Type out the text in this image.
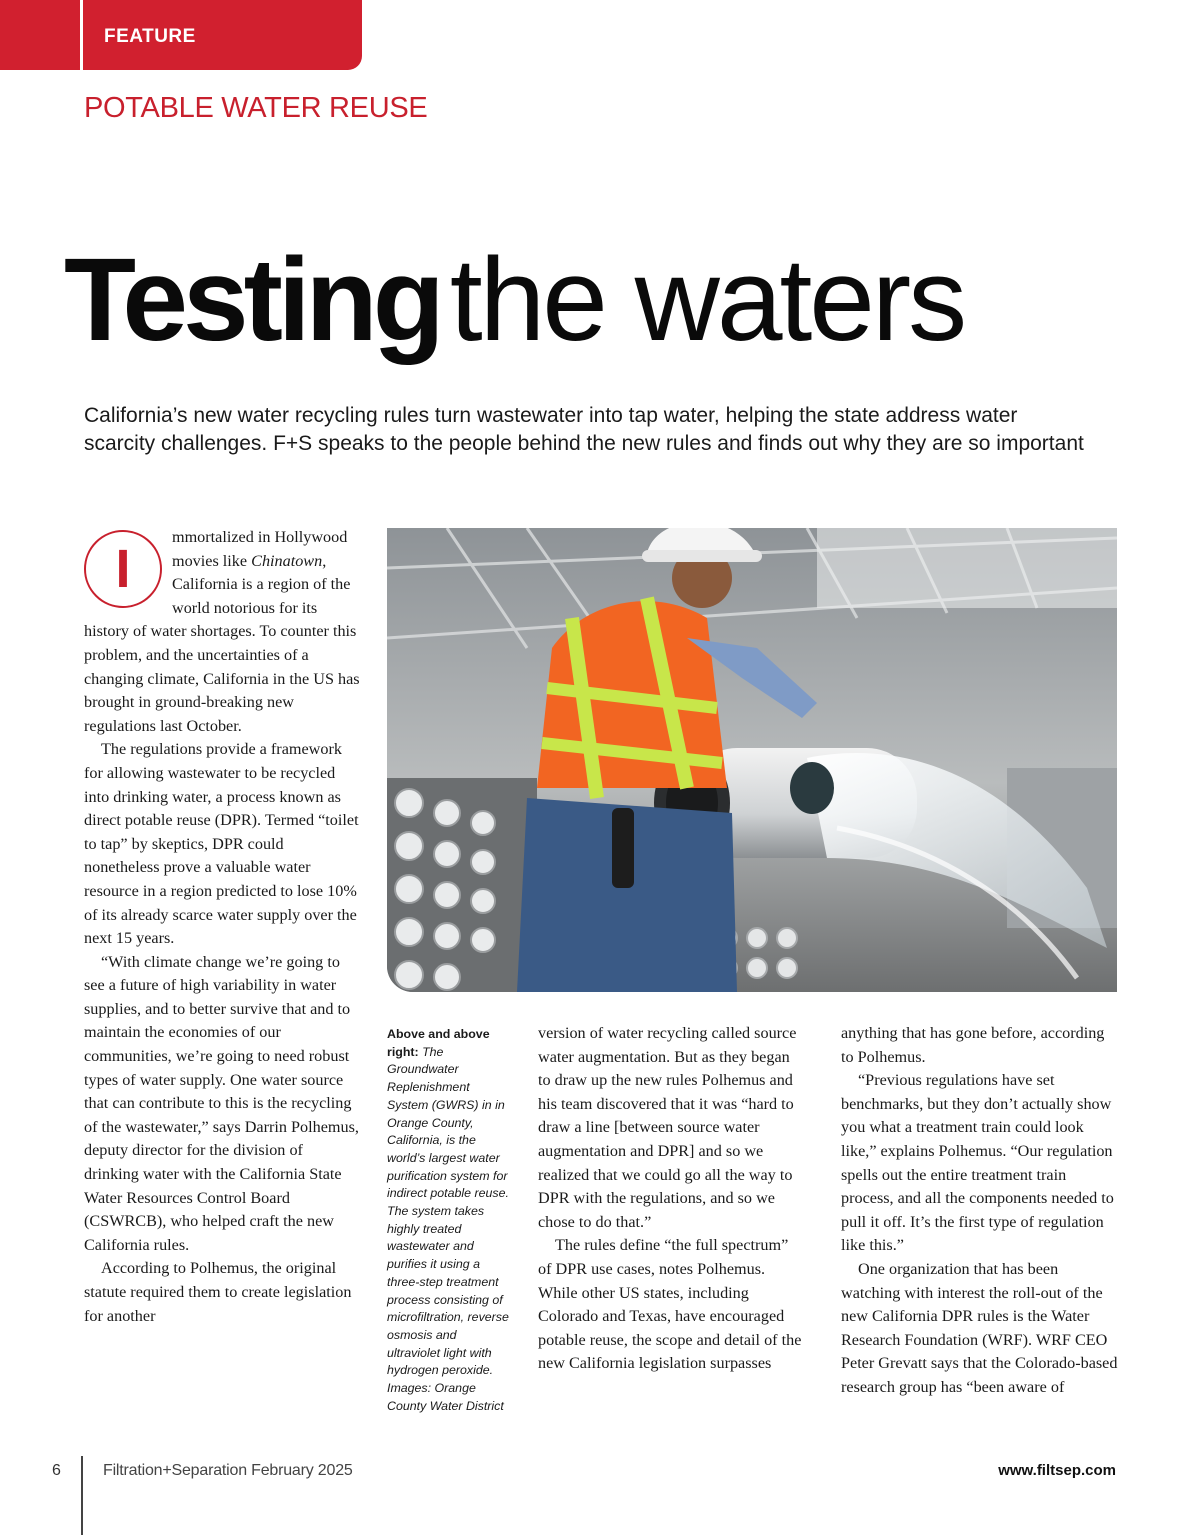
FEATURE
POTABLE WATER REUSE
Testingthe waters
California’s new water recycling rules turn wastewater into tap water, helping the state address water scarcity challenges. F+S speaks to the people behind the new rules and finds out why they are so important

I
mmortalized in Hollywood movies like Chinatown, California is a region of the world notorious for its history of water shortages. To counter this problem, and the uncertainties of a changing climate, California in the US has brought in ground-breaking new regulations last October.

The regulations provide a framework for allowing wastewater to be recycled into drinking water, a process known as direct potable reuse (DPR). Termed “toilet to tap” by skeptics, DPR could nonetheless prove a valuable water resource in a region predicted to lose 10% of its already scarce water supply over the next 15 years.

“With climate change we’re going to see a future of high variability in water supplies, and to better survive that and to maintain the economies of our communities, we’re going to need robust types of water supply. One water source that can contribute to this is the recycling of the wastewater,” says Darrin Polhemus, deputy director for the division of drinking water with the California State Water Resources Control Board (CSWRCB), who helped craft the new California rules.

According to Polhemus, the original statute required them to create legislation for another

Above and above right: The Groundwater Replenishment System (GWRS) in in Orange County, California, is the world’s largest water purification system for indirect potable reuse. The system takes highly treated wastewater and purifies it using a three-step treatment process consisting of microfiltration, reverse osmosis and ultraviolet light with hydrogen peroxide. Images: Orange County Water District

version of water recycling called source water augmentation. But as they began to draw up the new rules Polhemus and his team discovered that it was “hard to draw a line [between source water augmentation and DPR] and so we realized that we could go all the way to DPR with the regulations, and so we chose to do that.”

The rules define “the full spectrum” of DPR use cases, notes Polhemus. While other US states, including Colorado and Texas, have encouraged potable reuse, the scope and detail of the new California legislation surpasses

anything that has gone before, according to Polhemus.

“Previous regulations have set benchmarks, but they don’t actually show you what a treatment train could look like,” explains Polhemus. “Our regulation spells out the entire treatment train process, and all the components needed to pull it off. It’s the first type of regulation like this.”

One organization that has been watching with interest the roll-out of the new California DPR rules is the Water Research Foundation (WRF). WRF CEO Peter Grevatt says that the Colorado-based research group has “been aware of

6	Filtration+Separation February 2025	www.filtsep.com
